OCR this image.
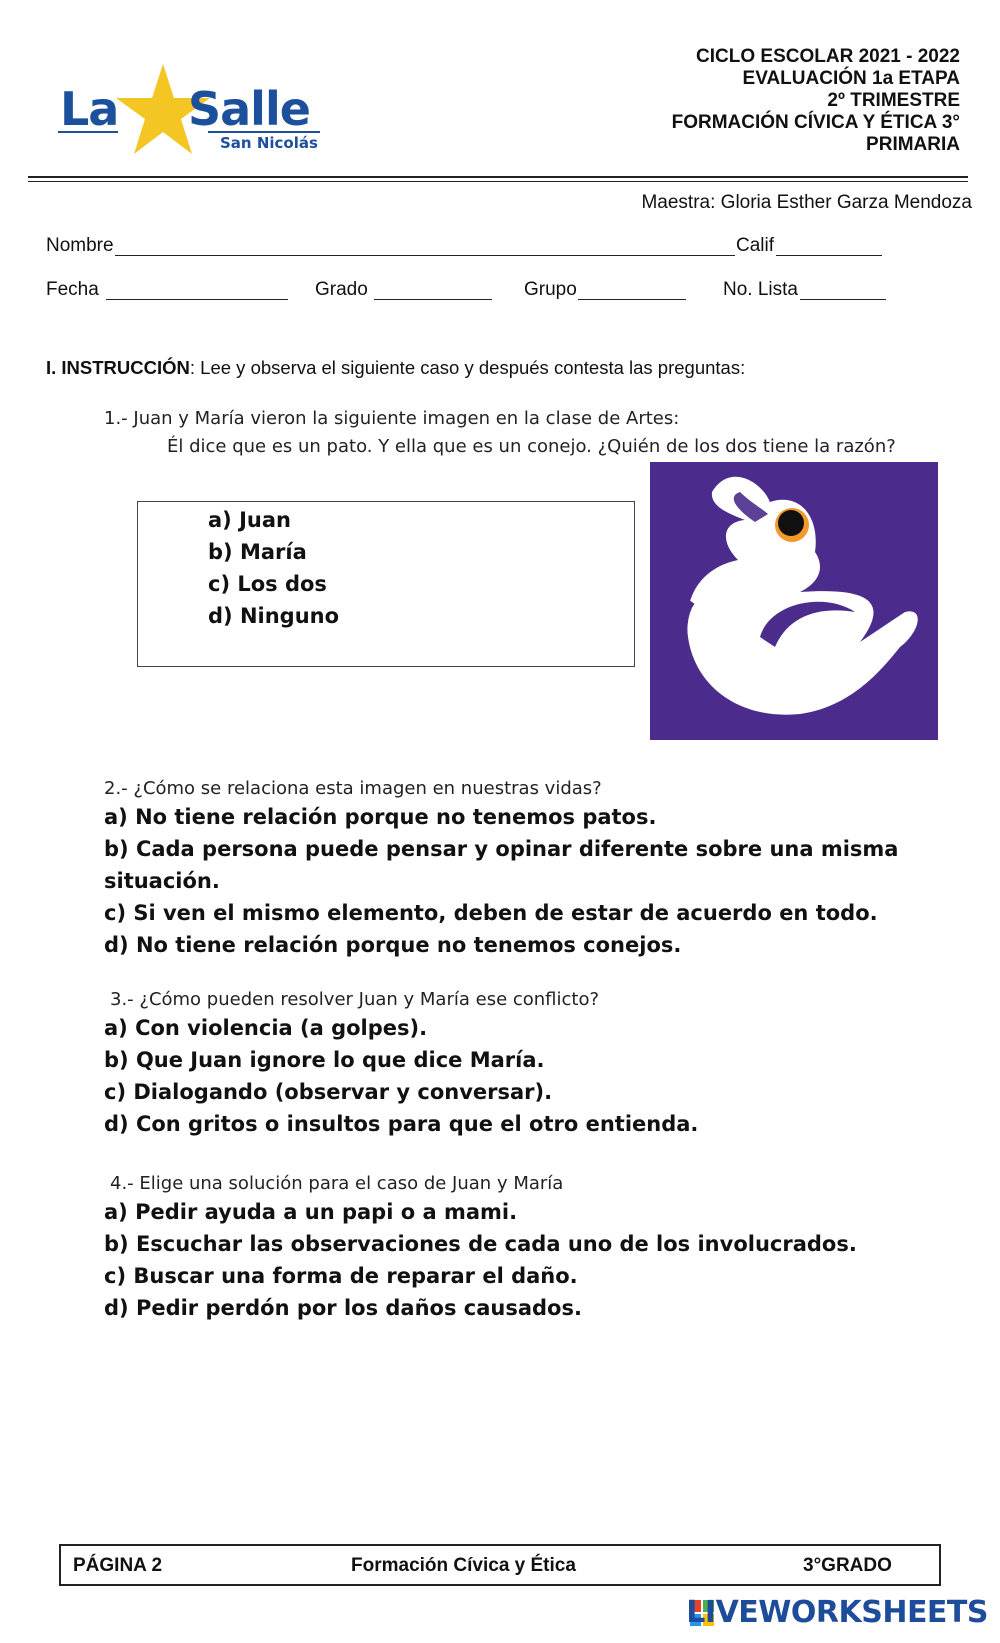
La Salle
San Nicolás
CICLO ESCOLAR 2021 - 2022
EVALUACIÓN 1a ETAPA
2º TRIMESTRE
FORMACIÓN CÍVICA Y ÉTICA 3°
PRIMARIA
Maestra: Gloria Esther Garza Mendoza
Nombre	Calif
Fecha	Grado	Grupo	No. Lista
I. INSTRUCCIÓN: Lee y observa el siguiente caso y después contesta las preguntas:
1.- Juan y María vieron la siguiente imagen en la clase de Artes:
Él dice que es un pato. Y ella que es un conejo. ¿Quién de los dos tiene la razón?
a) Juan
b) María
c) Los dos
d) Ninguno
2.- ¿Cómo se relaciona esta imagen en nuestras vidas?
a) No tiene relación porque no tenemos patos.
b) Cada persona puede pensar y opinar diferente sobre una misma situación.
c) Si ven el mismo elemento, deben de estar de acuerdo en todo.
d) No tiene relación porque no tenemos conejos.
3.- ¿Cómo pueden resolver Juan y María ese conflicto?
a) Con violencia (a golpes).
b) Que Juan ignore lo que dice María.
c) Dialogando (observar y conversar).
d) Con gritos o insultos para que el otro entienda.
4.- Elige una solución para el caso de Juan y María
a) Pedir ayuda a un papi o a mami.
b) Escuchar las observaciones de cada uno de los involucrados.
c) Buscar una forma de reparar el daño.
d) Pedir perdón por los daños causados.
PÁGINA 2	Formación Cívica y Ética	3°GRADO
LIVEWORKSHEETS
